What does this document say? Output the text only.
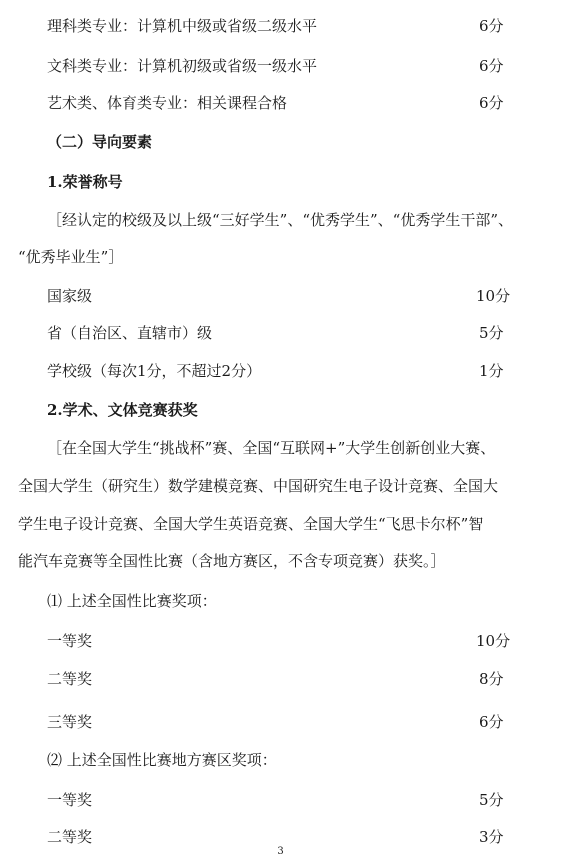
理科类专业：计算机中级或省级二级水平	6分
文科类专业：计算机初级或省级一级水平	6分
艺术类、体育类专业：相关课程合格	6分
（二）导向要素
1.荣誉称号
［经认定的校级及以上级“三好学生”、“优秀学生”、“优秀学生干部”、
“优秀毕业生”］
国家级	10分
省（自治区、直辖市）级	5分
学校级（每次1分，不超过2分）	1分
2.学术、文体竞赛获奖
［在全国大学生“挑战杯”赛、全国“互联网+”大学生创新创业大赛、
全国大学生（研究生）数学建模竞赛、中国研究生电子设计竞赛、全国大
学生电子设计竞赛、全国大学生英语竞赛、全国大学生“飞思卡尔杯”智
能汽车竞赛等全国性比赛（含地方赛区，不含专项竞赛）获奖。］
⑴ 上述全国性比赛奖项：
一等奖	10分
二等奖	8分
三等奖	6分
⑵ 上述全国性比赛地方赛区奖项：
一等奖	5分
二等奖	3分
3
